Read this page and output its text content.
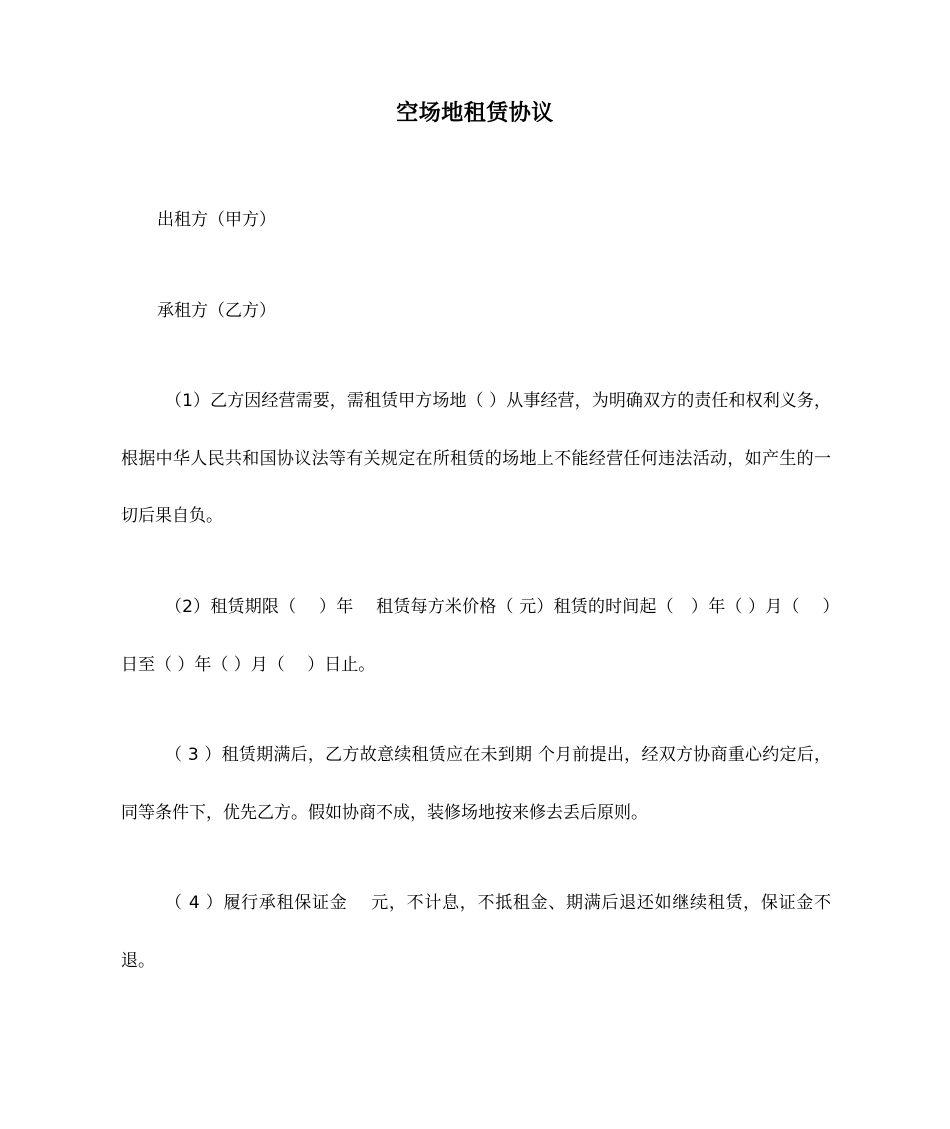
空场地租赁协议
出租方（甲方）
承租方（乙方）

（1）乙方因经营需要，需租赁甲方场地（ ）从事经营，为明确双方的责任和权利义务，根据中华人民共和国协议法等有关规定在所租赁的场地上不能经营任何违法活动，如产生的一切后果自负。

（2）租赁期限（　 ）年　 租赁每方米价格（ 元）租赁的时间起（　）年（ ）月（　 ）日至（ ）年（ ）月（　 ）日止。

（ 3 ）租赁期满后，乙方故意续租赁应在未到期 个月前提出，经双方协商重心约定后，同等条件下，优先乙方。假如协商不成，装修场地按来修去丢后原则。

（ 4 ）履行承租保证金　 元，不计息，不抵租金、期满后退还如继续租赁，保证金不退。
